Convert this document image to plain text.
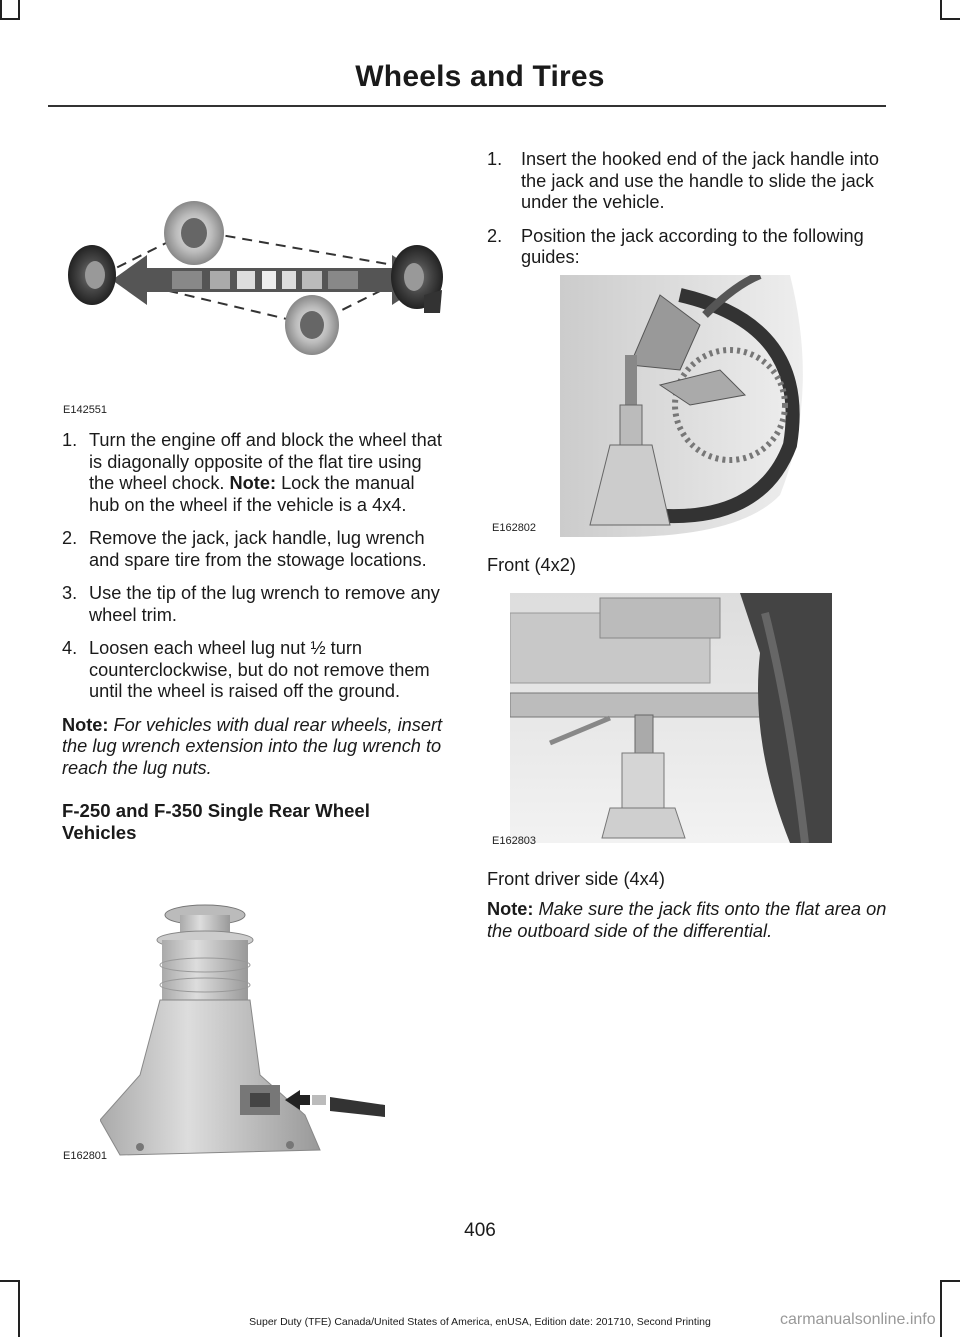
Wheels and Tires
E142551
1. Turn the engine off and block the wheel that is diagonally opposite of the flat tire using the wheel chock. Note: Lock the manual hub on the wheel if the vehicle is a 4x4.
2. Remove the jack, jack handle, lug wrench and spare tire from the stowage locations.
3. Use the tip of the lug wrench to remove any wheel trim.
4. Loosen each wheel lug nut ½ turn counterclockwise, but do not remove them until the wheel is raised off the ground.

Note: For vehicles with dual rear wheels, insert the lug wrench extension into the lug wrench to reach the lug nuts.

F-250 and F-350 Single Rear Wheel Vehicles

E162801
1. Insert the hooked end of the jack handle into the jack and use the handle to slide the jack under the vehicle.
2. Position the jack according to the following guides:
E162802
Front (4x2)
E162803
Front driver side (4x4)

Note: Make sure the jack fits onto the flat area on the outboard side of the differential.

406
Super Duty (TFE) Canada/United States of America, enUSA, Edition date: 201710, Second Printing	carmanualsonline.info
